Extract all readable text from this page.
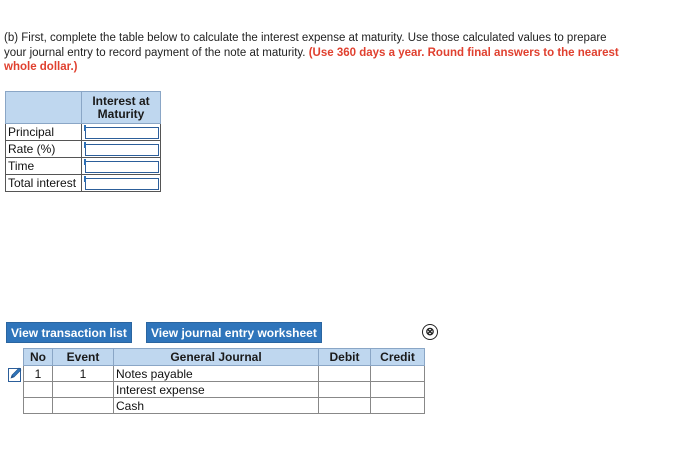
(b) First, complete the table below to calculate the interest expense at maturity. Use those calculated values to prepare
your journal entry to record payment of the note at maturity. (Use 360 days a year. Round final answers to the nearest whole dollar.)
	Interest at Maturity
Principal	

Rate (%)	

Time	

Total interest	
View transaction list	View journal entry worksheet	⊗
No	Event	General Journal	Debit	Credit
1	1	Notes payable		
		Interest expense		
		Cash		
